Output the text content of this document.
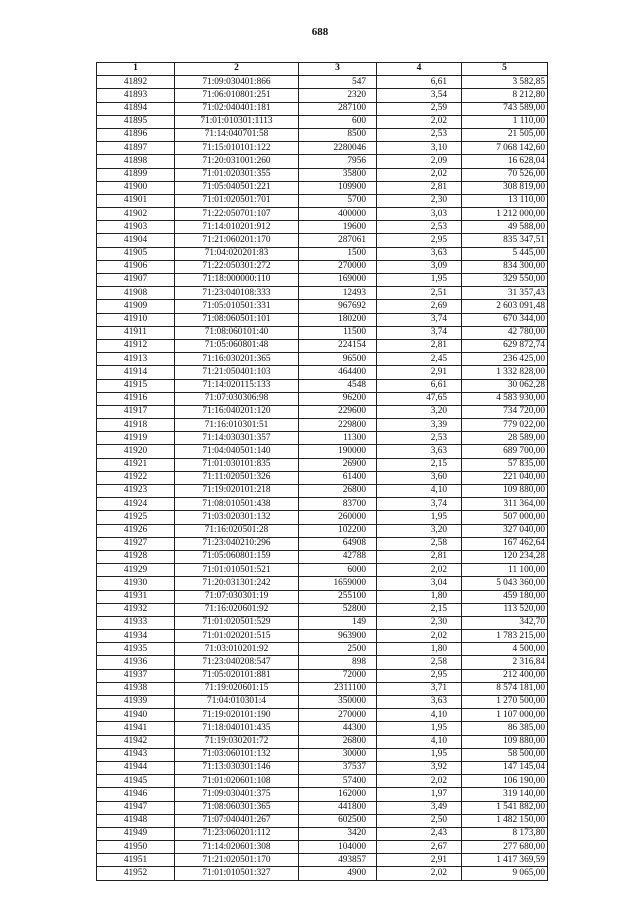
688
1	2	3	4	5
41892	71:09:030401:866	547	6,61	3 582,85
41893	71:06:010801:251	2320	3,54	8 212,80
41894	71:02:040401:181	287100	2,59	743 589,00
41895	71:01:010301:1113	600	2,02	1 110,00
41896	71:14:040701:58	8500	2,53	21 505,00
41897	71:15:010101:122	2280046	3,10	7 068 142,60
41898	71:20:031001:260	7956	2,09	16 628,04
41899	71:01:020301:355	35800	2,02	70 526,00
41900	71:05:040501:221	109900	2,81	308 819,00
41901	71:01:020501:701	5700	2,30	13 110,00
41902	71:22:050701:107	400000	3,03	1 212 000,00
41903	71:14:010201:912	19600	2,53	49 588,00
41904	71:21:060201:170	287061	2,95	835 347,51
41905	71:04:020201:83	1500	3,63	5 445,00
41906	71:22:050301:272	270000	3,09	834 300,00
41907	71:18:000000:110	169000	1,95	329 550,00
41908	71:23:040108:333	12493	2,51	31 357,43
41909	71:05:010501:331	967692	2,69	2 603 091,48
41910	71:08:060501:101	180200	3,74	670 344,00
41911	71:08:060101:40	11500	3,74	42 780,00
41912	71:05:060801:48	224154	2,81	629 872,74
41913	71:16:030201:365	96500	2,45	236 425,00
41914	71:21:050401:103	464400	2,91	1 332 828,00
41915	71:14:020115:133	4548	6,61	30 062,28
41916	71:07:030306:98	96200	47,65	4 583 930,00
41917	71:16:040201:120	229600	3,20	734 720,00
41918	71:16:010301:51	229800	3,39	779 022,00
41919	71:14:030301:357	11300	2,53	28 589,00
41920	71:04:040501:140	190000	3,63	689 700,00
41921	71:01:030101:835	26900	2,15	57 835,00
41922	71:11:020501:326	61400	3,60	221 040,00
41923	71:19:020101:218	26800	4,10	109 880,00
41924	71:08:010501:438	83700	3,74	311 364,00
41925	71:03:020301:132	260000	1,95	507 000,00
41926	71:16:020501:28	102200	3,20	327 040,00
41927	71:23:040210:296	64908	2,58	167 462,64
41928	71:05:060801:159	42788	2,81	120 234,28
41929	71:01:010501:521	6000	2,02	11 100,00
41930	71:20:031301:242	1659000	3,04	5 043 360,00
41931	71:07:030301:19	255100	1,80	459 180,00
41932	71:16:020601:92	52800	2,15	113 520,00
41933	71:01:020501:529	149	2,30	342,70
41934	71:01:020201:515	963900	2,02	1 783 215,00
41935	71:03:010201:92	2500	1,80	4 500,00
41936	71:23:040208:547	898	2,58	2 316,84
41937	71:05:020101:881	72000	2,95	212 400,00
41938	71:19:020601:15	2311100	3,71	8 574 181,00
41939	71:04:010301:4	350000	3,63	1 270 500,00
41940	71:19:020101:190	270000	4,10	1 107 000,00
41941	71:18:040101:435	44300	1,95	86 385,00
41942	71:19:030201:72	26800	4,10	109 880,00
41943	71:03:060101:132	30000	1,95	58 500,00
41944	71:13:030301:146	37537	3,92	147 145,04
41945	71:01:020601:108	57400	2,02	106 190,00
41946	71:09:030401:375	162000	1,97	319 140,00
41947	71:08:060301:365	441800	3,49	1 541 882,00
41948	71:07:040401:267	602500	2,50	1 482 150,00
41949	71:23:060201:112	3420	2,43	8 173,80
41950	71:14:020601:308	104000	2,67	277 680,00
41951	71:21:020501:170	493857	2,91	1 417 369,59
41952	71:01:010501:327	4900	2,02	9 065,00
